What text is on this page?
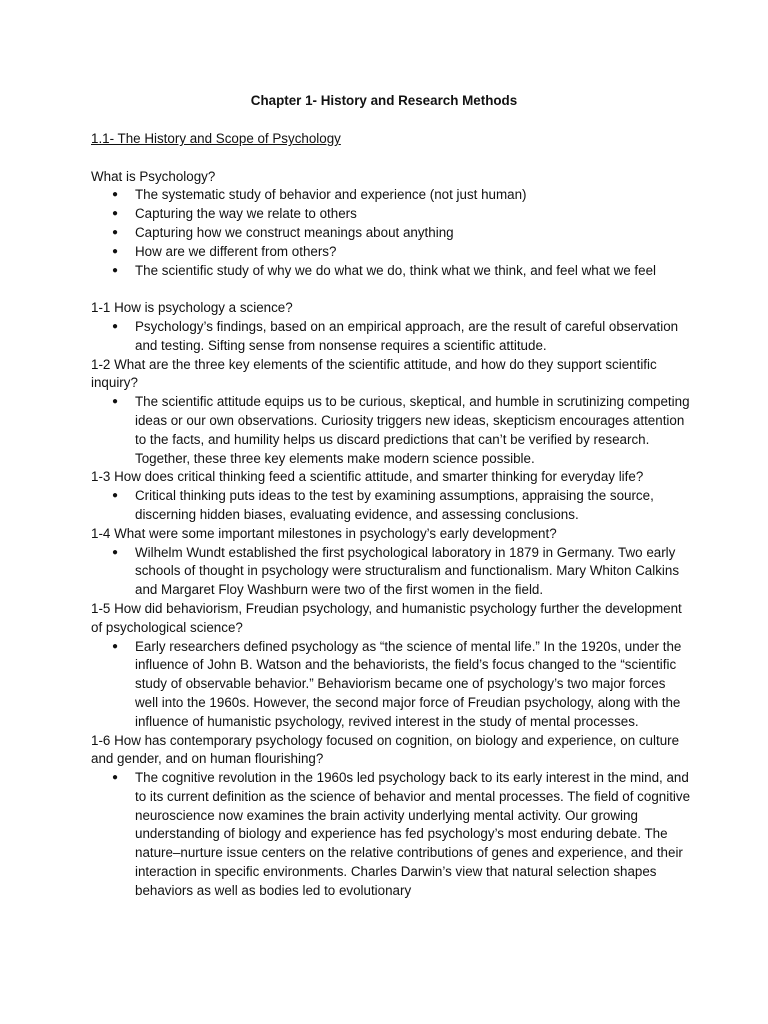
Chapter 1- History and Research Methods

1.1- The History and Scope of Psychology

What is Psychology?

● The systematic study of behavior and experience (not just human)
● Capturing the way we relate to others
● Capturing how we construct meanings about anything
● How are we different from others?
● The scientific study of why we do what we do, think what we think, and feel what we feel

1-1 How is psychology a science?

● Psychology’s findings, based on an empirical approach, are the result of careful observation and testing. Sifting sense from nonsense requires a scientific attitude.

1-2 What are the three key elements of the scientific attitude, and how do they support scientific inquiry?

● The scientific attitude equips us to be curious, skeptical, and humble in scrutinizing competing ideas or our own observations. Curiosity triggers new ideas, skepticism encourages attention to the facts, and humility helps us discard predictions that can’t be verified by research. Together, these three key elements make modern science possible.

1-3 How does critical thinking feed a scientific attitude, and smarter thinking for everyday life?

● Critical thinking puts ideas to the test by examining assumptions, appraising the source, discerning hidden biases, evaluating evidence, and assessing conclusions.

1-4 What were some important milestones in psychology’s early development?

● Wilhelm Wundt established the first psychological laboratory in 1879 in Germany. Two early schools of thought in psychology were structuralism and functionalism. Mary Whiton Calkins and Margaret Floy Washburn were two of the first women in the field.

1-5 How did behaviorism, Freudian psychology, and humanistic psychology further the development of psychological science?

● Early researchers defined psychology as “the science of mental life.” In the 1920s, under the influence of John B. Watson and the behaviorists, the field’s focus changed to the “scientific study of observable behavior.” Behaviorism became one of psychology’s two major forces well into the 1960s. However, the second major force of Freudian psychology, along with the influence of humanistic psychology, revived interest in the study of mental processes.

1-6 How has contemporary psychology focused on cognition, on biology and experience, on culture and gender, and on human flourishing?

● The cognitive revolution in the 1960s led psychology back to its early interest in the mind, and to its current definition as the science of behavior and mental processes. The field of cognitive neuroscience now examines the brain activity underlying mental activity. Our growing understanding of biology and experience has fed psychology’s most enduring debate. The nature–nurture issue centers on the relative contributions of genes and experience, and their interaction in specific environments. Charles Darwin’s view that natural selection shapes behaviors as well as bodies led to evolutionary
